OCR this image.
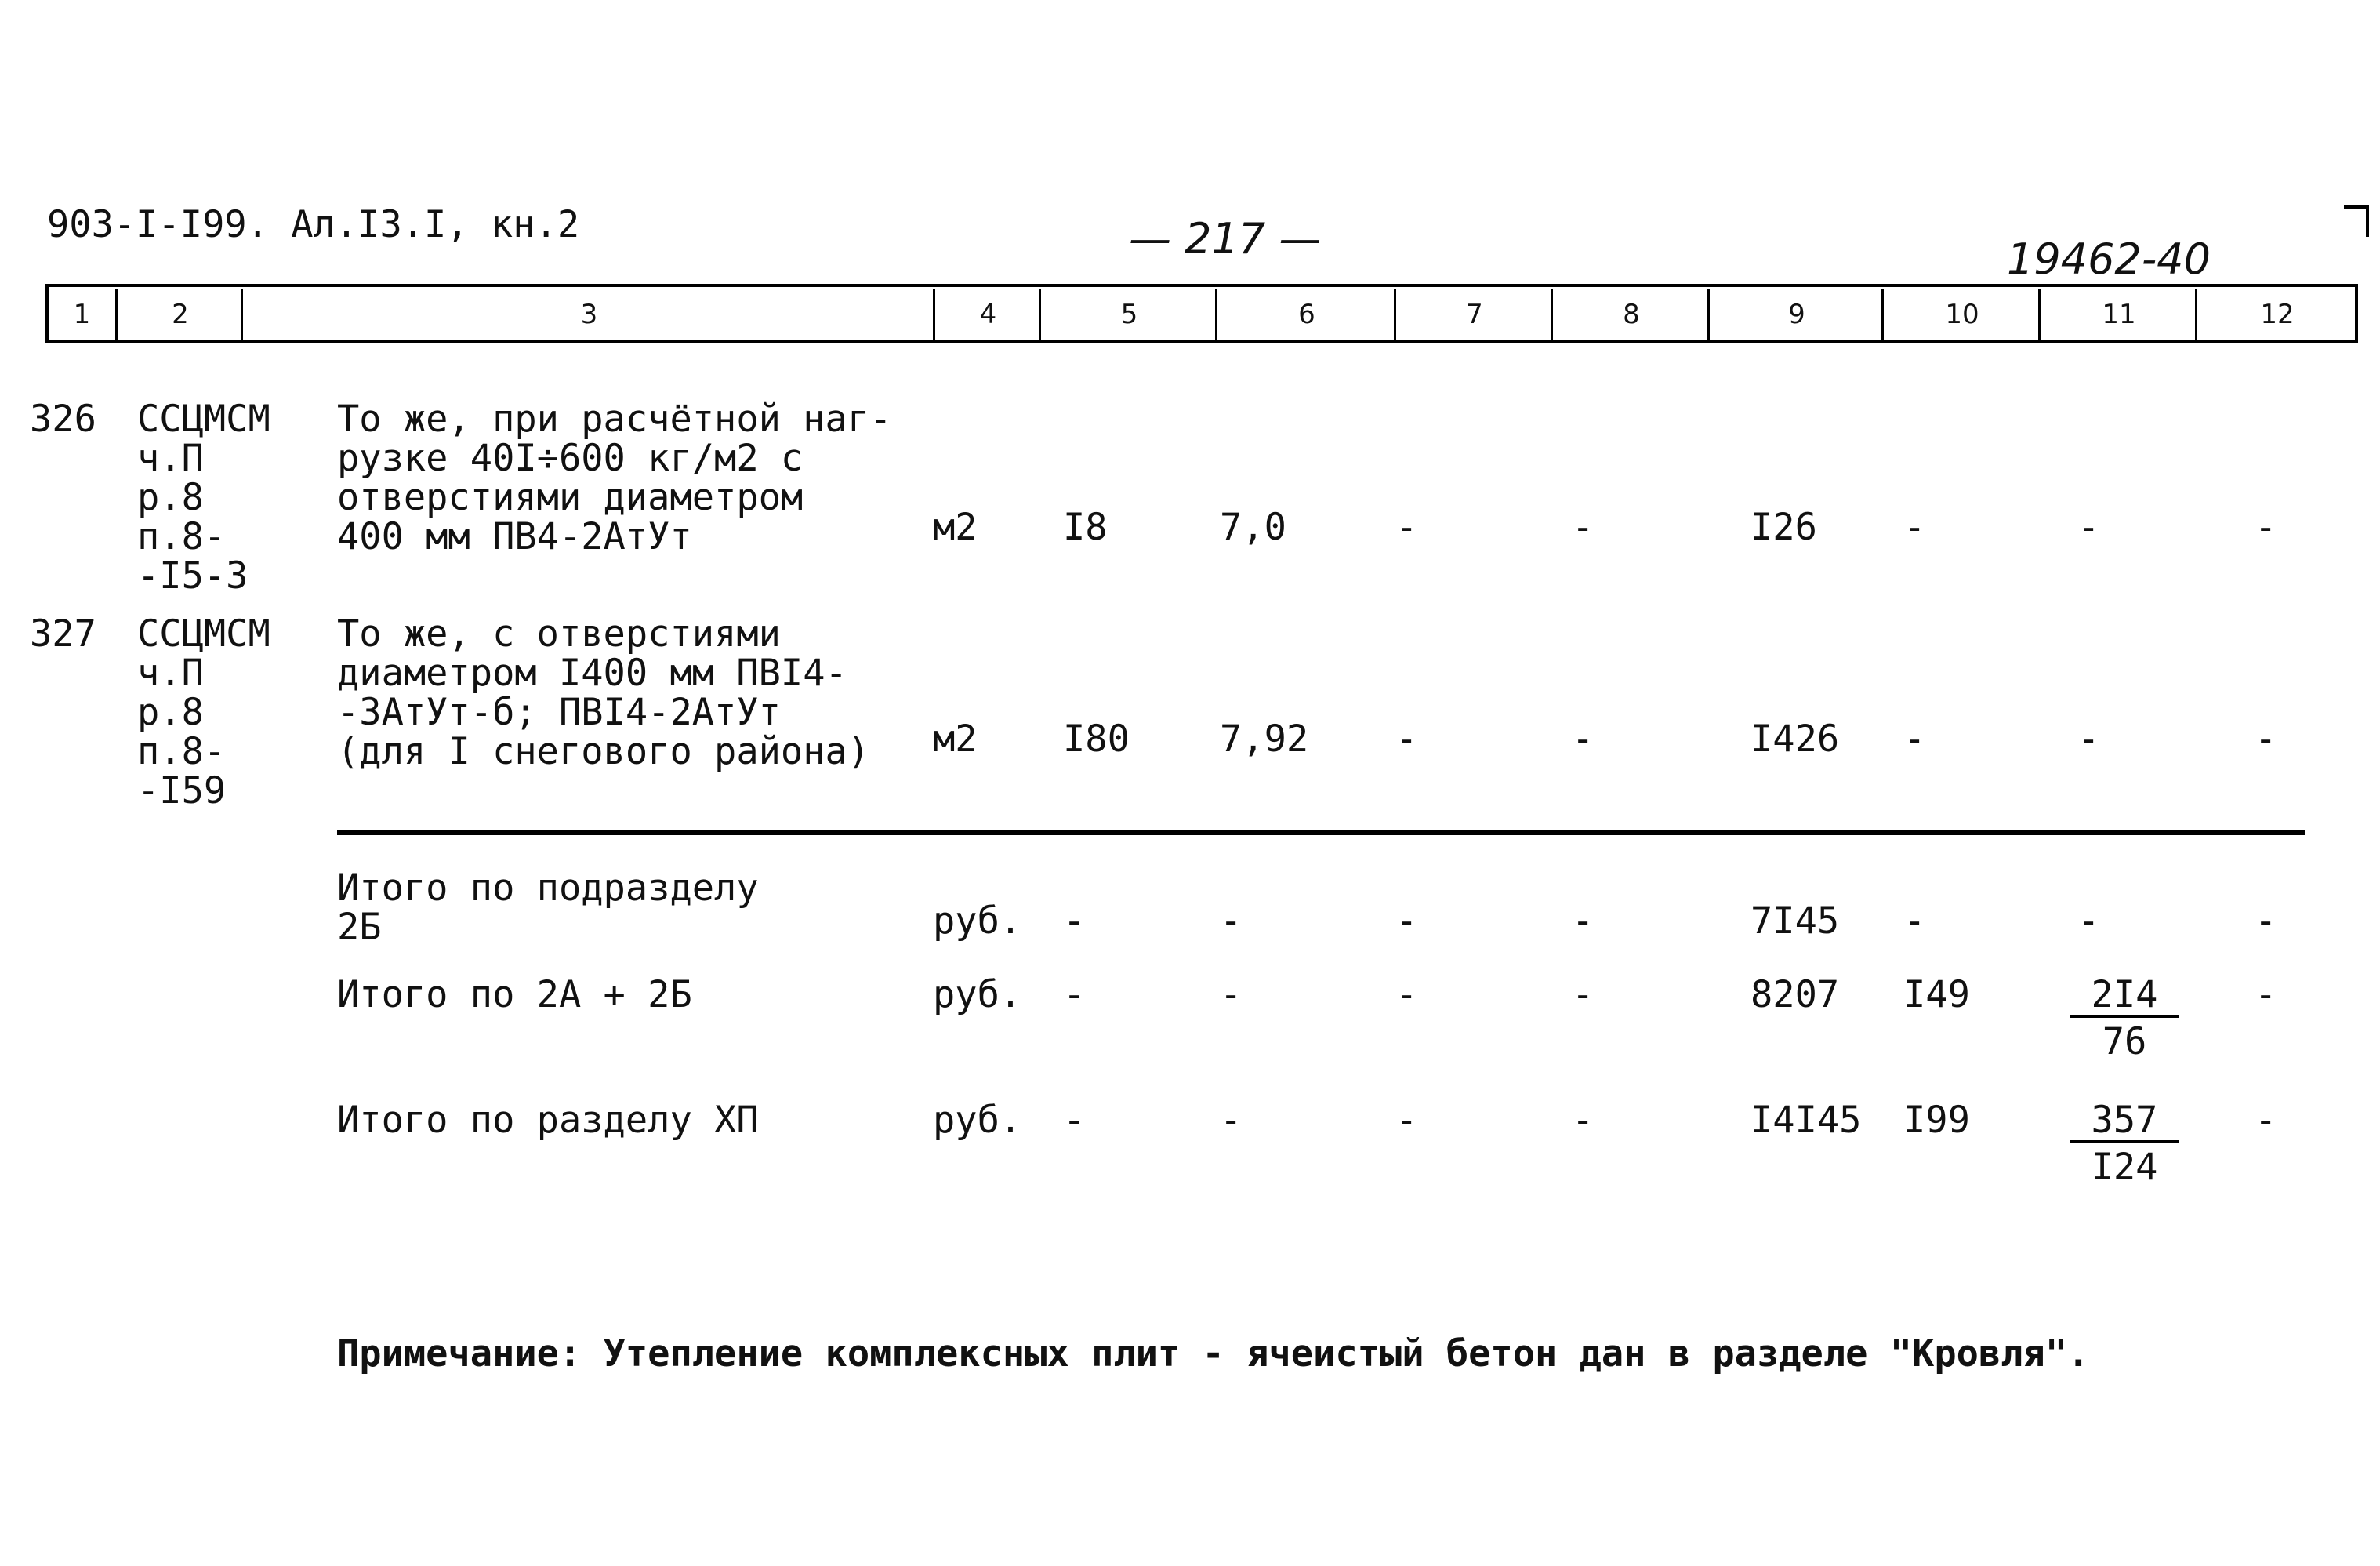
903-I-I99. Ал.I3.I, кн.2	— 217 —	19462-40
1	2	3	4	5	6	7	8	9	10	11	12
326 ССЦМСМ
ч.П
р.8
п.8-
-I5-3
То же, при расчётной наг-
рузке 40I÷600 кг/м2 с
отверстиями диаметром
400 мм ПВ4-2АтУт	м2 I8	7,0	-	-	I26 -	-	-
327 ССЦМСМ
ч.П
р.8
п.8-
-I59
То же, с отверстиями
диаметром I400 мм ПВI4-
-3АтУт-б; ПВI4-2АтУт
(для I снегового района) м2 I80 7,92 -	-	I426 -	-	-
Итого по подразделу
2Б	руб. -	-	-	-	7I45 -	-	-
Итого по 2А + 2Б	руб. -	-	-	-	8207 I49	$\frac{2I4}{76}$ -
Итого по разделу XП	руб. -	-	-	-	I4I45 I99	$\frac{357}{I24}$ -
Примечание: Утепление комплексных плит - ячеистый бетон дан в разделе "Кровля".
